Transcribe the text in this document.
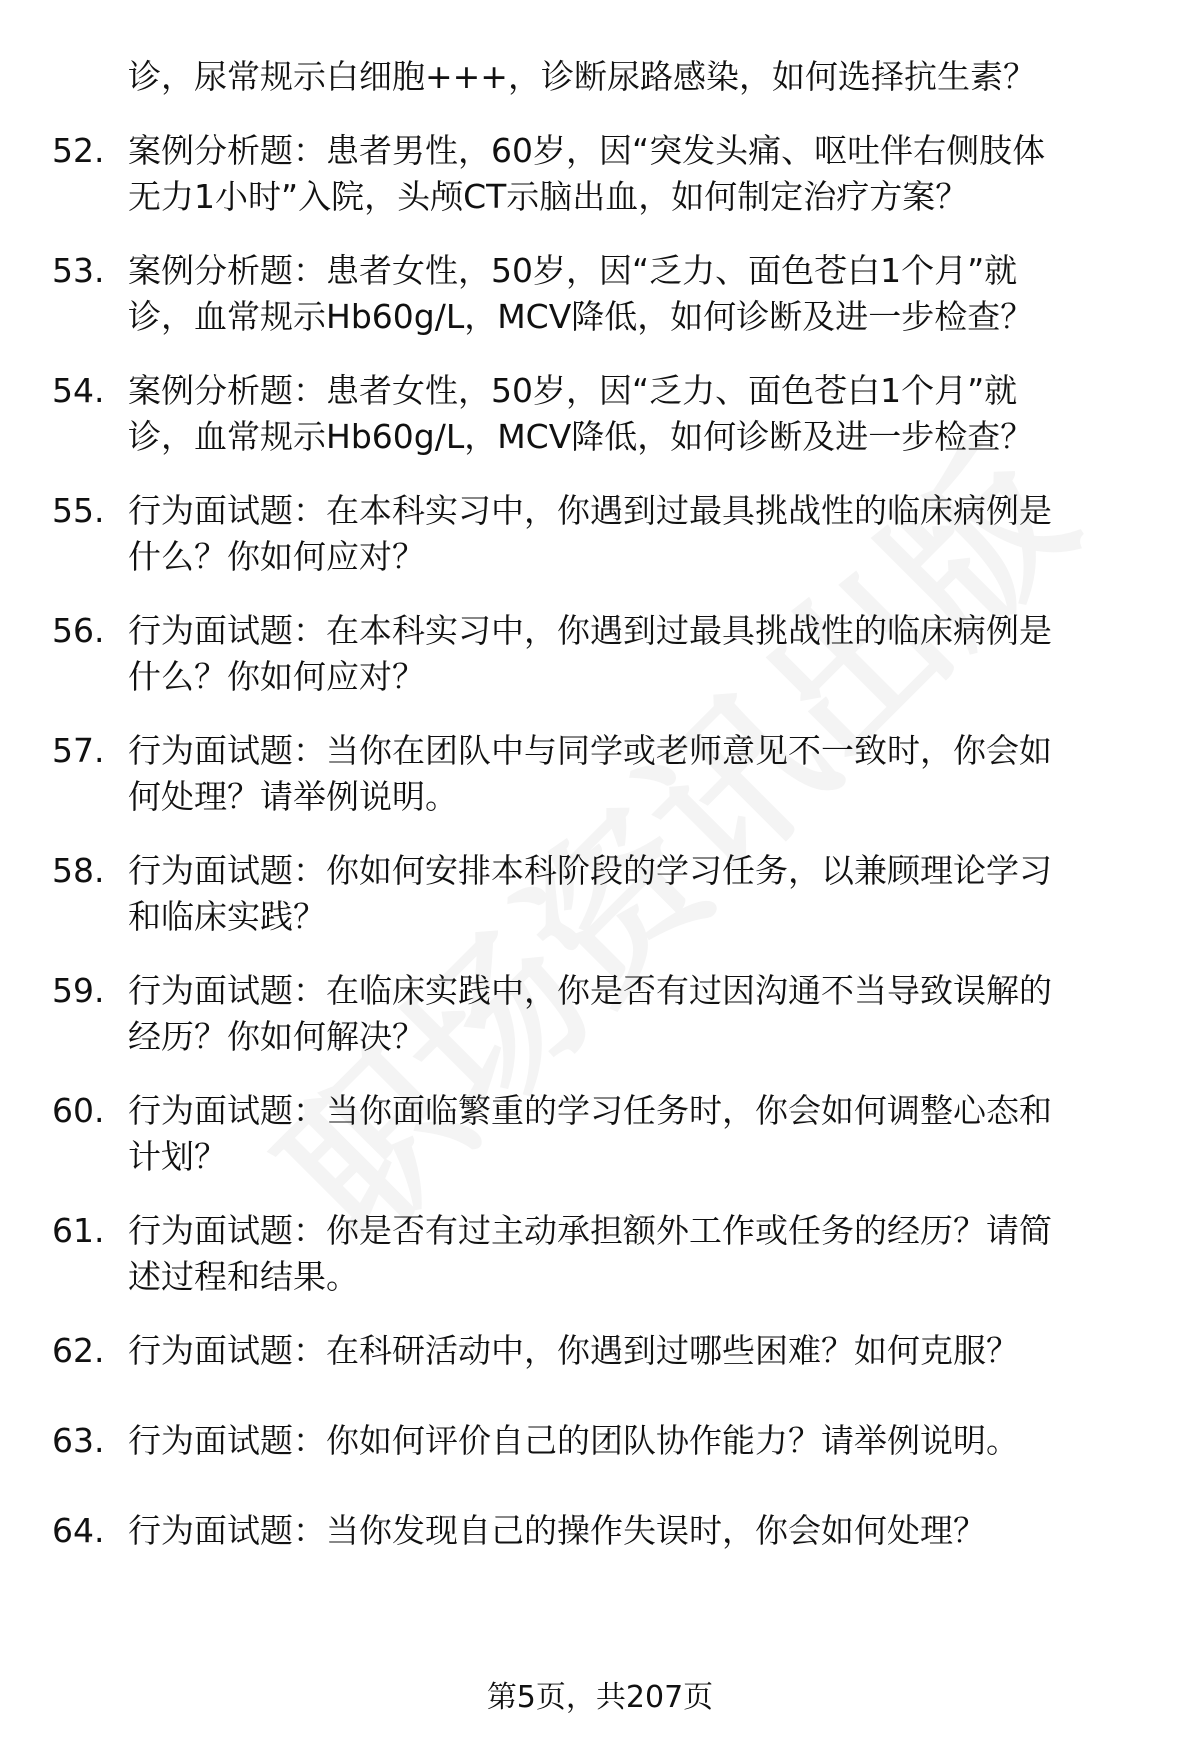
诊，尿常规示白细胞+++，诊断尿路感染，如何选择抗生素？
52. 案例分析题：患者男性，60岁，因“突发头痛、呕吐伴右侧肢体
无力1小时”入院，头颅CT示脑出血，如何制定治疗方案？
53. 案例分析题：患者女性，50岁，因“乏力、面色苍白1个月”就
诊，血常规示Hb60g/L，MCV降低，如何诊断及进一步检查？
54. 案例分析题：患者女性，50岁，因“乏力、面色苍白1个月”就
诊，血常规示Hb60g/L，MCV降低，如何诊断及进一步检查？
55. 行为面试题：在本科实习中，你遇到过最具挑战性的临床病例是
什么？你如何应对？
56. 行为面试题：在本科实习中，你遇到过最具挑战性的临床病例是
什么？你如何应对？
57. 行为面试题：当你在团队中与同学或老师意见不一致时，你会如
何处理？请举例说明。
58. 行为面试题：你如何安排本科阶段的学习任务，以兼顾理论学习
和临床实践？
59. 行为面试题：在临床实践中，你是否有过因沟通不当导致误解的
经历？你如何解决？
60. 行为面试题：当你面临繁重的学习任务时，你会如何调整心态和
计划？
61. 行为面试题：你是否有过主动承担额外工作或任务的经历？请简
述过程和结果。
62. 行为面试题：在科研活动中，你遇到过哪些困难？如何克服？
63. 行为面试题：你如何评价自己的团队协作能力？请举例说明。
64. 行为面试题：当你发现自己的操作失误时，你会如何处理？
第5页，共207页
